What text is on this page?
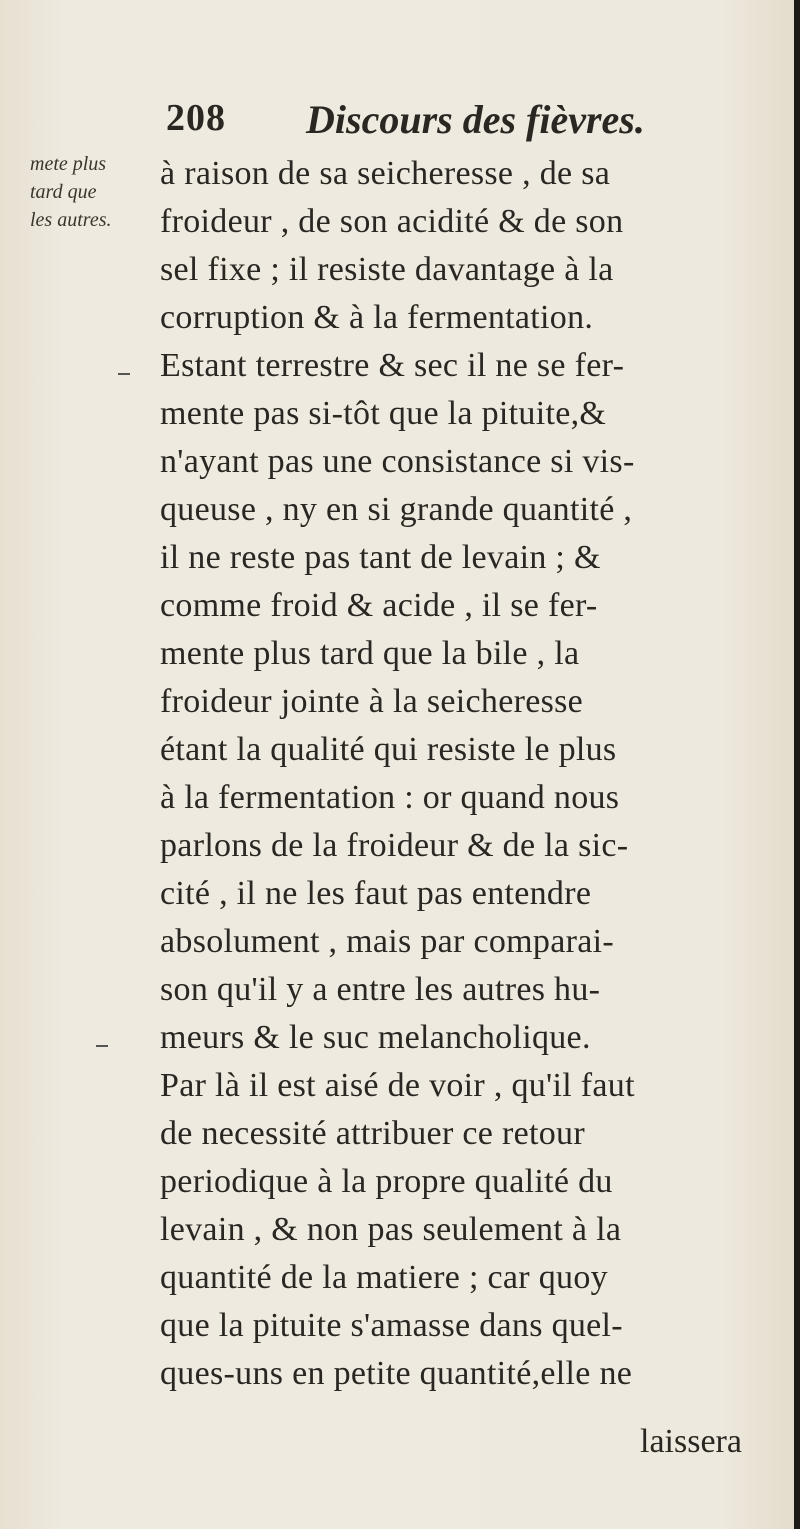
208 Discours des fièvres.
mete plus
tard que
les autres.
à raison de sa seicheresse , de sa
froideur , de son acidité & de son
sel fixe ; il resiste davantage à la
corruption & à la fermentation.
Estant terrestre & sec il ne se fer-
mente pas si-tôt que la pituite,&
n'ayant pas une consistance si vis-
queuse , ny en si grande quantité ,
il ne reste pas tant de levain ; &
comme froid & acide , il se fer-
mente plus tard que la bile , la
froideur jointe à la seicheresse
étant la qualité qui resiste le plus
à la fermentation : or quand nous
parlons de la froideur & de la sic-
cité , il ne les faut pas entendre
absolument , mais par comparai-
son qu'il y a entre les autres hu-
meurs & le suc melancholique.
Par là il est aisé de voir , qu'il faut
de necessité attribuer ce retour
periodique à la propre qualité du
levain , & non pas seulement à la
quantité de la matiere ; car quoy
que la pituite s'amasse dans quel-
ques-uns en petite quantité,elle ne
laissera
